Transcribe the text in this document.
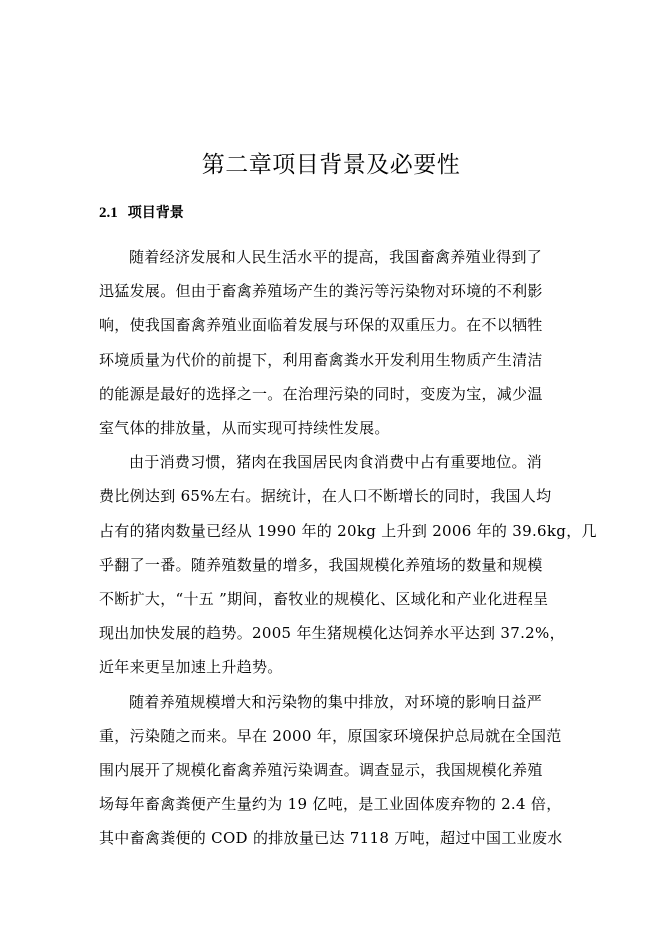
第二章项目背景及必要性
2.1 项目背景

随着经济发展和人民生活水平的提高，我国畜禽养殖业得到了
迅猛发展。但由于畜禽养殖场产生的粪污等污染物对环境的不利影
响，使我国畜禽养殖业面临着发展与环保的双重压力。在不以牺牲
环境质量为代价的前提下，利用畜禽粪水开发利用生物质产生清洁
的能源是最好的选择之一。在治理污染的同时，变废为宝，减少温
室气体的排放量，从而实现可持续性发展。

由于消费习惯，猪肉在我国居民肉食消费中占有重要地位。消
费比例达到 65%左右。据统计，在人口不断增长的同时，我国人均
占有的猪肉数量已经从 1990 年的 20kg 上升到 2006 年的 39.6kg，几
乎翻了一番。随养殖数量的增多，我国规模化养殖场的数量和规模
不断扩大，“十五 ”期间，畜牧业的规模化、区域化和产业化进程呈
现出加快发展的趋势。2005 年生猪规模化达饲养水平达到 37.2%，
近年来更呈加速上升趋势。

随着养殖规模增大和污染物的集中排放，对环境的影响日益严
重，污染随之而来。早在 2000 年，原国家环境保护总局就在全国范
围内展开了规模化畜禽养殖污染调查。调查显示，我国规模化养殖
场每年畜禽粪便产生量约为 19 亿吨，是工业固体废弃物的 2.4 倍，
其中畜禽粪便的 COD 的排放量已达 7118 万吨，超过中国工业废水
